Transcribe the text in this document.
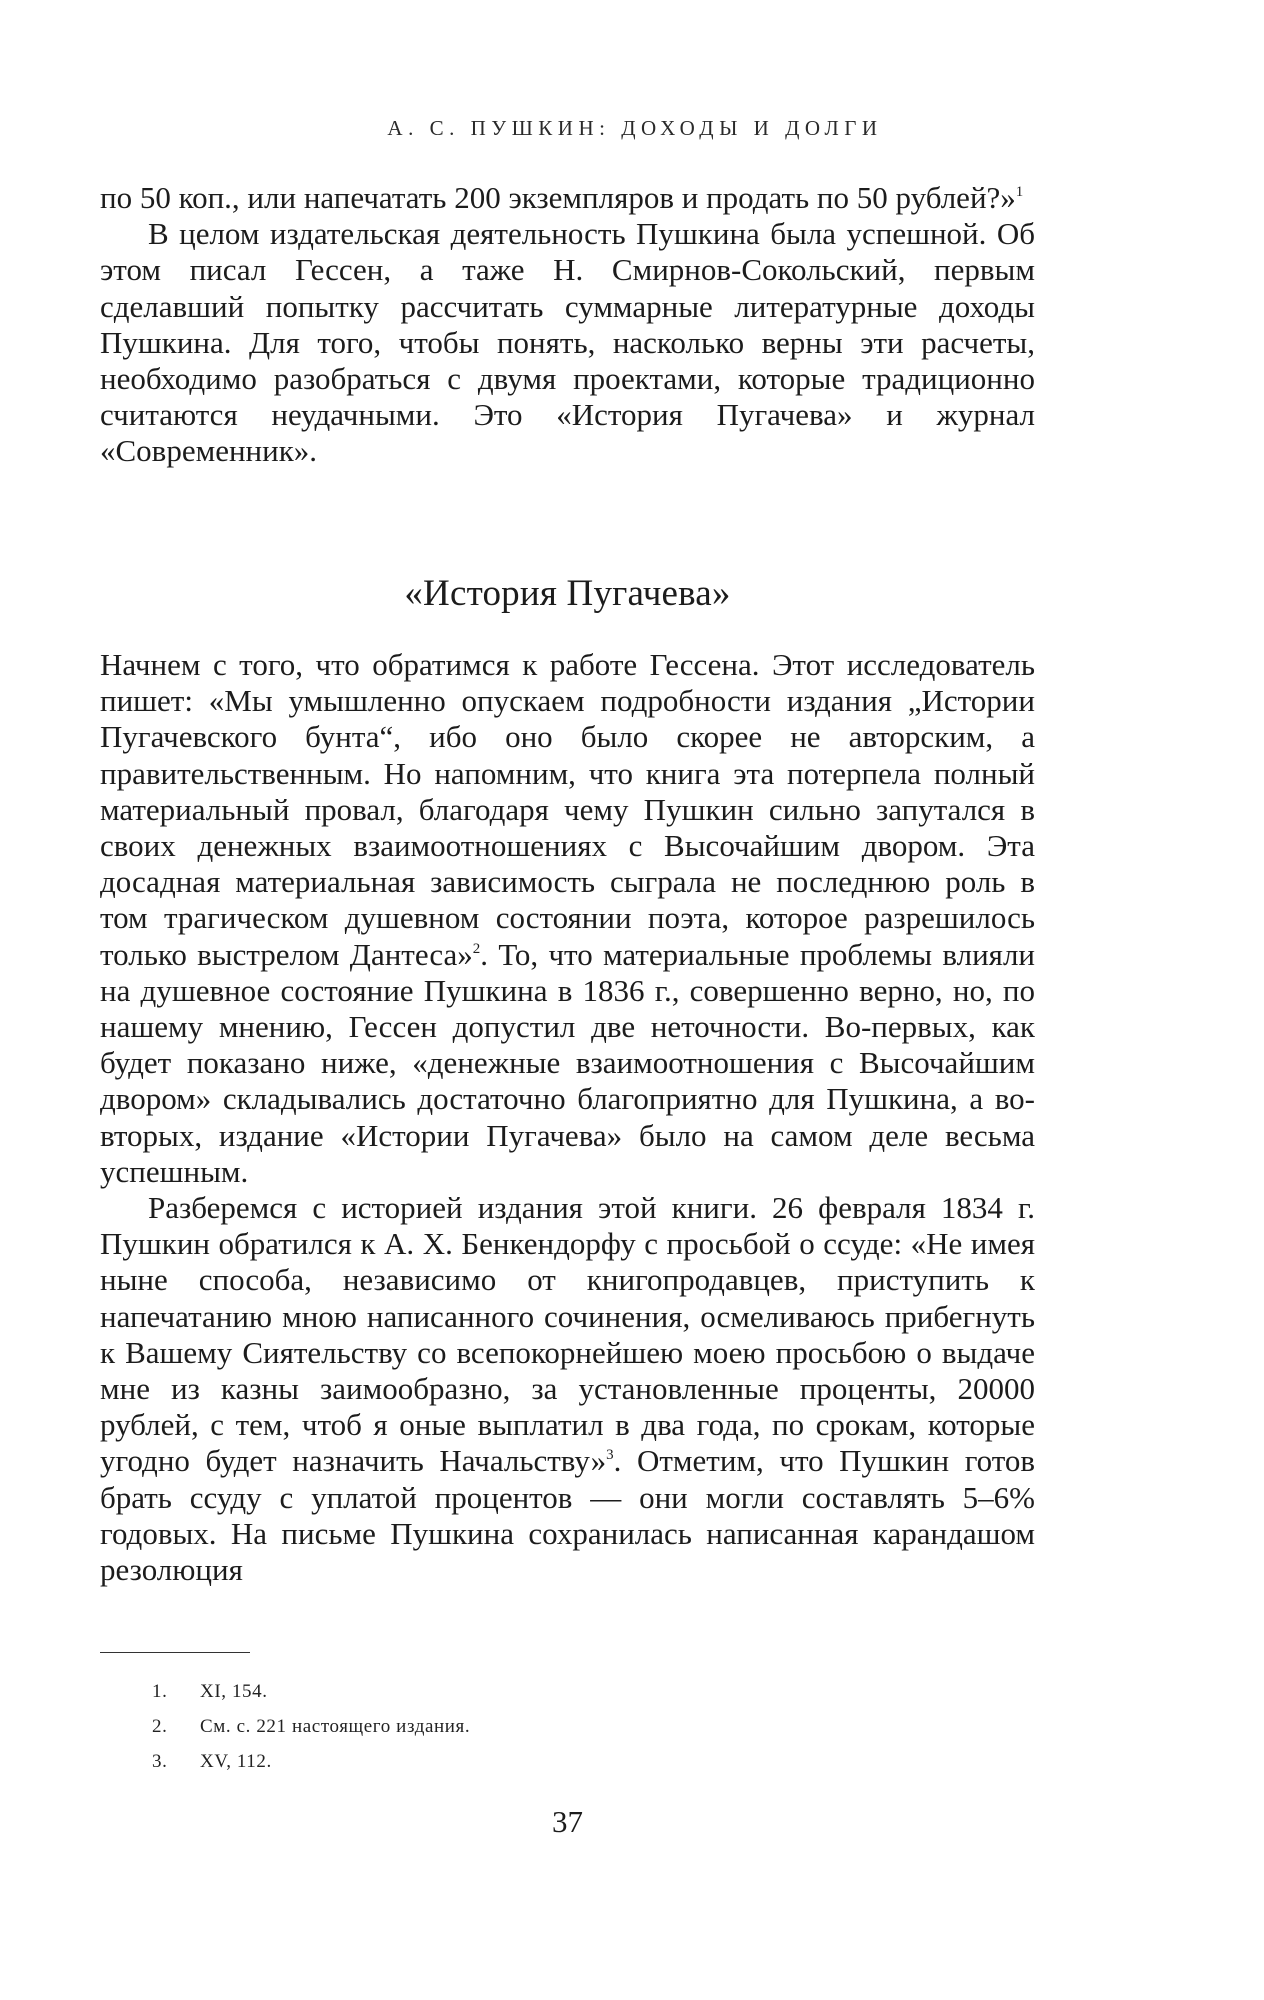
А. С. ПУШКИН: ДОХОДЫ И ДОЛГИ

по 50 коп., или напечатать 200 экземпляров и продать по 50 рублей?»$^1$

В целом издательская деятельность Пушкина была успешной. Об этом писал Гессен, а таже Н. Смирнов-Сокольский, первым сделавший попытку рассчитать суммарные литературные доходы Пушкина. Для того, чтобы понять, насколько верны эти расчеты, необходимо разобраться с двумя проектами, которые традиционно считаются неудачными. Это «История Пугачева» и журнал «Современник».

«История Пугачева»

Начнем с того, что обратимся к работе Гессена. Этот исследователь пишет: «Мы умышленно опускаем подробности издания „Истории Пугачевского бунта“, ибо оно было скорее не авторским, а правительственным. Но напомним, что книга эта потерпела полный материальный провал, благодаря чему Пушкин сильно запутался в своих денежных взаимоотношениях с Высочайшим двором. Эта досадная материальная зависимость сыграла не последнюю роль в том трагическом душевном состоянии поэта, которое разрешилось только выстрелом Дантеса»$^2$. То, что материальные проблемы влияли на душевное состояние Пушкина в 1836 г., совершенно верно, но, по нашему мнению, Гессен допустил две неточности. Во-первых, как будет показано ниже, «денежные взаимоотношения с Высочайшим двором» складывались достаточно благоприятно для Пушкина, а во-вторых, издание «Истории Пугачева» было на самом деле весьма успешным.

Разберемся с историей издания этой книги. 26 февраля 1834 г. Пушкин обратился к А. Х. Бенкендорфу с просьбой о ссуде: «Не имея ныне способа, независимо от книгопродавцев, приступить к напечатанию мною написанного сочинения, осмеливаюсь прибегнуть к Вашему Сиятельству со всепокорнейшею моею просьбою о выдаче мне из казны заимообразно, за установленные проценты, 20000 рублей, с тем, чтоб я оные выплатил в два года, по срокам, которые угодно будет назначить Начальству»$^3$. Отметим, что Пушкин готов брать ссуду с уплатой процентов — они могли составлять 5–6% годовых. На письме Пушкина сохранилась написанная карандашом резолюция

1. XI, 154.
2. См. с. 221 настоящего издания.
3. XV, 112.
37
